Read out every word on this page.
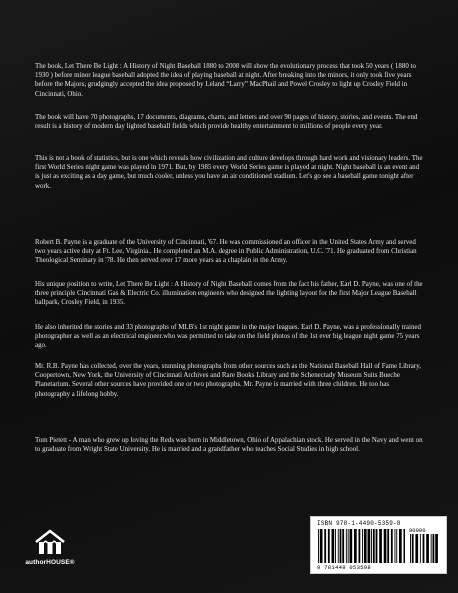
The book, Let There Be Light : A History of Night Baseball 1880 to 2008 will show the evolutionary process that took 50 years ( 1880 to 1930 ) before minor league baseball adopted the idea of playing baseball at night. After breaking into the minors, it only took five years before the Majors, grudgingly accepted the idea proposed by Leland “Larry” MacPhail and Powel Crosley to light up Crosley Field in Cincinnati, Ohio.

The book will have 70 photographs, 17 documents, diagrams, charts, and letters and over 90 pages of history, stories, and events. The end result is a history of modern day lighted baseball fields which provide healthy entertainment to millions of people every year.

This is not a book of statistics, but is one which reveals how civilization and culture develops through hard work and visionary leaders. The first World Series night game was played in 1971. But, by 1985 every World Series game is played at night. Night baseball is an event and is just as exciting as a day game, but much cooler, unless you have an air conditioned stadium. Let's go see a baseball game tonight after work.

Robert B. Payne is a graduate of the University of Cincinnati, '67. He was commissioned an officer in the United States Army and served two years active duty at Ft. Lee, Virginia.. He completed an M.A. degree in Public Administration, U.C. '71. He graduated from Christian Theological Seminary in '78. He then served over 17 more years as a chaplain in the Army.

His unique position to write, Let There Be Light : A History of Night Baseball comes from the fact his father, Earl D. Payne, was one of the three principle Cincinnati Gas & Electric Co. illumination engineers who designed the lighting layout for the first Major League Baseball ballpark, Crosley Field, in 1935.

He also inherited the stories and 33 photographs of MLB's 1st night game in the major leagues. Earl D. Payne, was a professionally trained photographer as well as an electrical engineer.who was permitted to take on the field photos of the 1st ever big league night game 75 years ago.

Mr. R.B. Payne has collected, over the years, stunning photographs from other sources such as the National Baseball Hall of Fame Library, Coopertown, New York, the University of Cincinnati Archives and Rare Books Library and the Schenectady Museum Suits Bueche Planetarium. Several other sources have provided one or two photographs. Mr. Payne is married with three children. He too has photography a lifelong hobby.

Tom Pietett - A man who grew up loving the Reds was born in Middletown, Ohio of Appalachian stock. He served in the Navy and went on to graduate from Wright State University. He is married and a grandfather who teaches Social Studies in high school.

authorHOUSE®
ISBN 978-1-4490-5359-8
90000
9 781449 053598
